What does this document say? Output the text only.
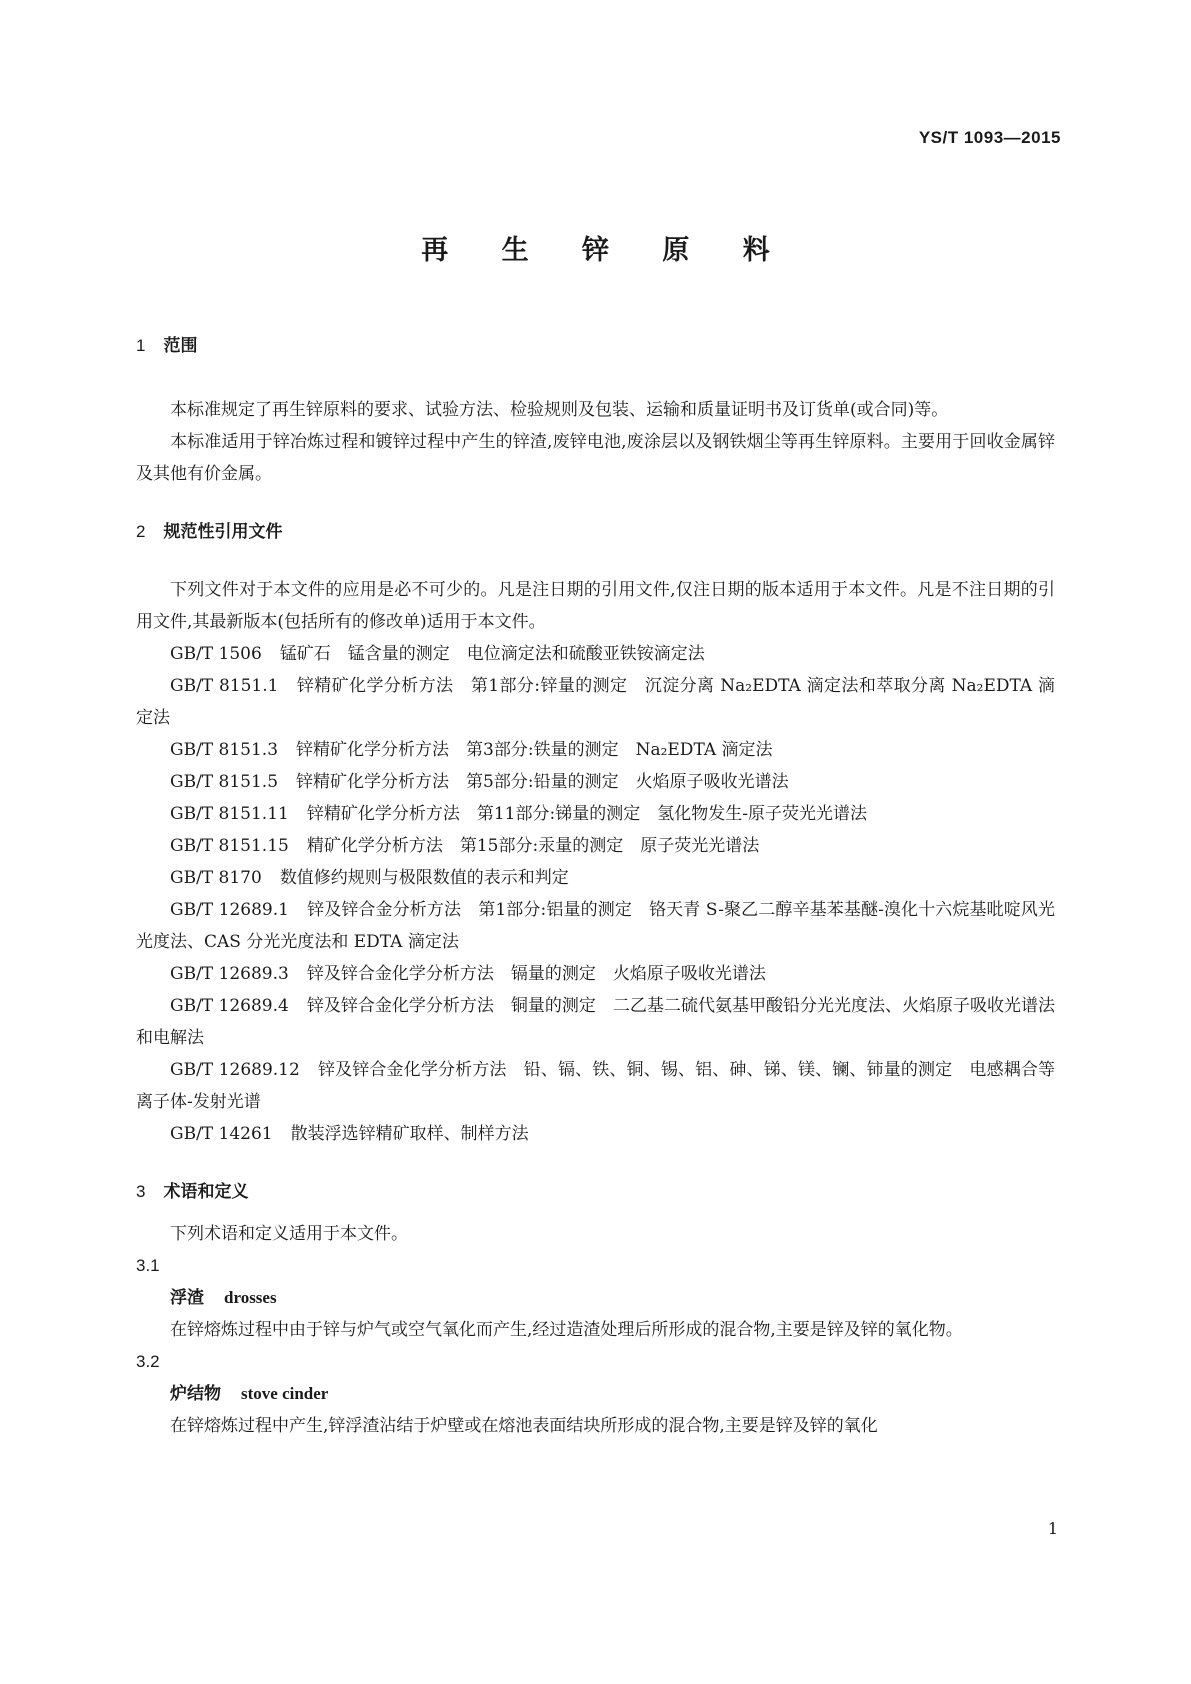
YS/T 1093—2015
再 生 锌 原 料
1 范围
本标准规定了再生锌原料的要求、试验方法、检验规则及包装、运输和质量证明书及订货单(或合同)等。
本标准适用于锌冶炼过程和镀锌过程中产生的锌渣,废锌电池,废涂层以及钢铁烟尘等再生锌原料。主要用于回收金属锌及其他有价金属。
2 规范性引用文件
下列文件对于本文件的应用是必不可少的。凡是注日期的引用文件,仅注日期的版本适用于本文件。凡是不注日期的引用文件,其最新版本(包括所有的修改单)适用于本文件。
GB/T 1506 锰矿石　锰含量的测定　电位滴定法和硫酸亚铁铵滴定法
GB/T 8151.1 锌精矿化学分析方法　第1部分:锌量的测定　沉淀分离 Na₂EDTA 滴定法和萃取分离 Na₂EDTA 滴定法
GB/T 8151.3 锌精矿化学分析方法　第3部分:铁量的测定　Na₂EDTA 滴定法
GB/T 8151.5 锌精矿化学分析方法　第5部分:铅量的测定　火焰原子吸收光谱法
GB/T 8151.11 锌精矿化学分析方法　第11部分:锑量的测定　氢化物发生-原子荧光光谱法
GB/T 8151.15 精矿化学分析方法　第15部分:汞量的测定　原子荧光光谱法
GB/T 8170 数值修约规则与极限数值的表示和判定
GB/T 12689.1 锌及锌合金分析方法　第1部分:铝量的测定　铬天青 S-聚乙二醇辛基苯基醚-溴化十六烷基吡啶风光光度法、CAS 分光光度法和 EDTA 滴定法
GB/T 12689.3 锌及锌合金化学分析方法　镉量的测定　火焰原子吸收光谱法
GB/T 12689.4 锌及锌合金化学分析方法　铜量的测定　二乙基二硫代氨基甲酸铅分光光度法、火焰原子吸收光谱法和电解法
GB/T 12689.12 锌及锌合金化学分析方法　铅、镉、铁、铜、锡、铝、砷、锑、镁、镧、铈量的测定　电感耦合等离子体-发射光谱
GB/T 14261 散装浮选锌精矿取样、制样方法
3 术语和定义
下列术语和定义适用于本文件。
3.1
浮渣 drosses
在锌熔炼过程中由于锌与炉气或空气氧化而产生,经过造渣处理后所形成的混合物,主要是锌及锌的氧化物。
3.2
炉结物 stove cinder
在锌熔炼过程中产生,锌浮渣沾结于炉壁或在熔池表面结块所形成的混合物,主要是锌及锌的氧化
1
